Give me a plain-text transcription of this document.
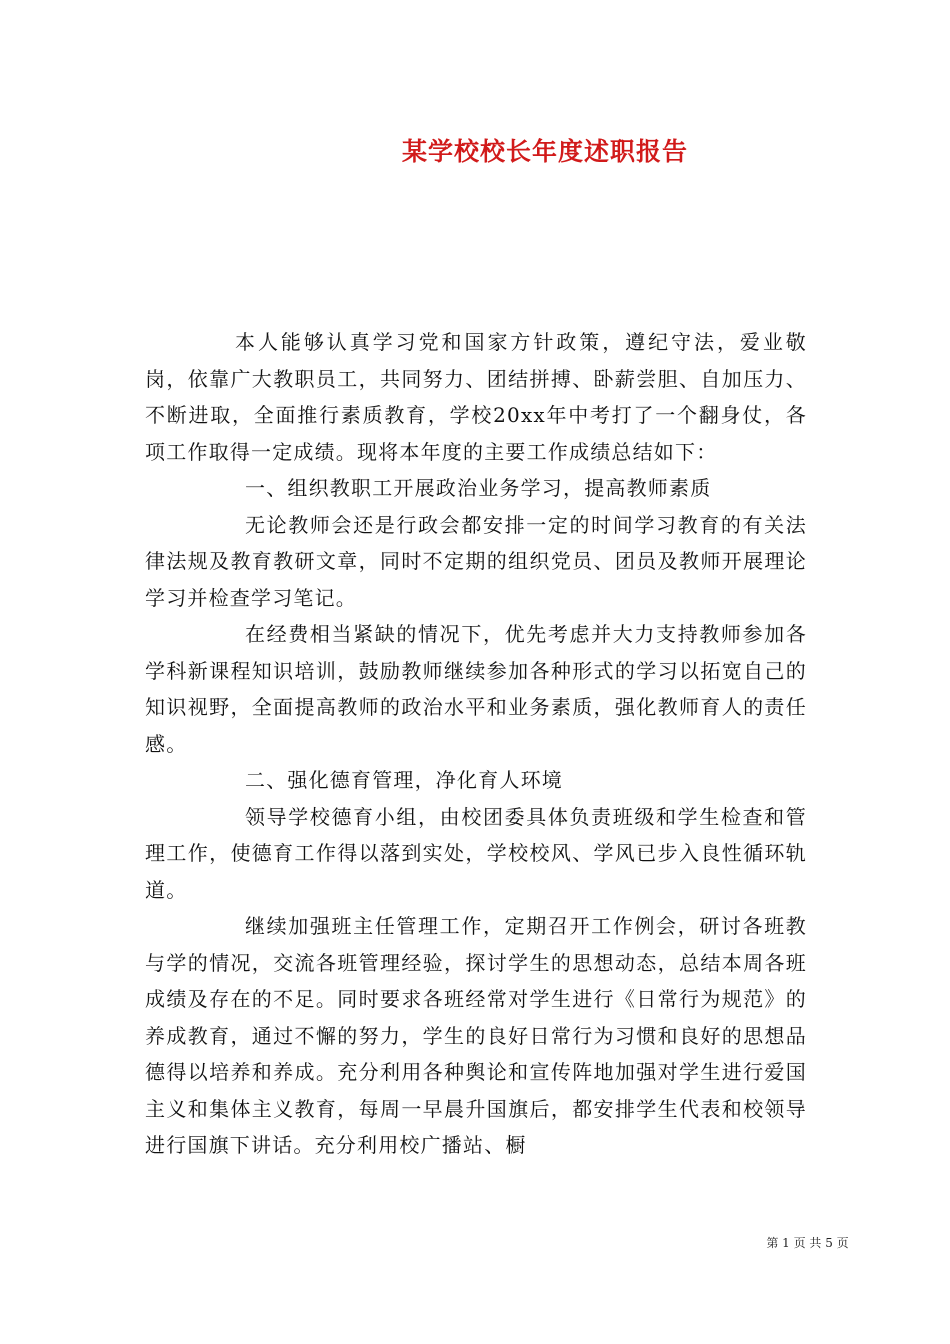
某学校校长年度述职报告

本人能够认真学习党和国家方针政策，遵纪守法，爱业敬岗，依靠广大教职员工，共同努力、团结拼搏、卧薪尝胆、自加压力、不断进取，全面推行素质教育，学校20xx年中考打了一个翻身仗，各项工作取得一定成绩。现将本年度的主要工作成绩总结如下：

一、组织教职工开展政治业务学习，提高教师素质

无论教师会还是行政会都安排一定的时间学习教育的有关法律法规及教育教研文章，同时不定期的组织党员、团员及教师开展理论学习并检查学习笔记。

在经费相当紧缺的情况下，优先考虑并大力支持教师参加各学科新课程知识培训，鼓励教师继续参加各种形式的学习以拓宽自己的知识视野，全面提高教师的政治水平和业务素质，强化教师育人的责任感。

二、强化德育管理，净化育人环境

领导学校德育小组，由校团委具体负责班级和学生检查和管理工作，使德育工作得以落到实处，学校校风、学风已步入良性循环轨道。

继续加强班主任管理工作，定期召开工作例会，研讨各班教与学的情况，交流各班管理经验，探讨学生的思想动态，总结本周各班成绩及存在的不足。同时要求各班经常对学生进行《日常行为规范》的养成教育，通过不懈的努力，学生的良好日常行为习惯和良好的思想品德得以培养和养成。充分利用各种舆论和宣传阵地加强对学生进行爱国主义和集体主义教育，每周一早晨升国旗后，都安排学生代表和校领导进行国旗下讲话。充分利用校广播站、橱

第 1 页 共 5 页
